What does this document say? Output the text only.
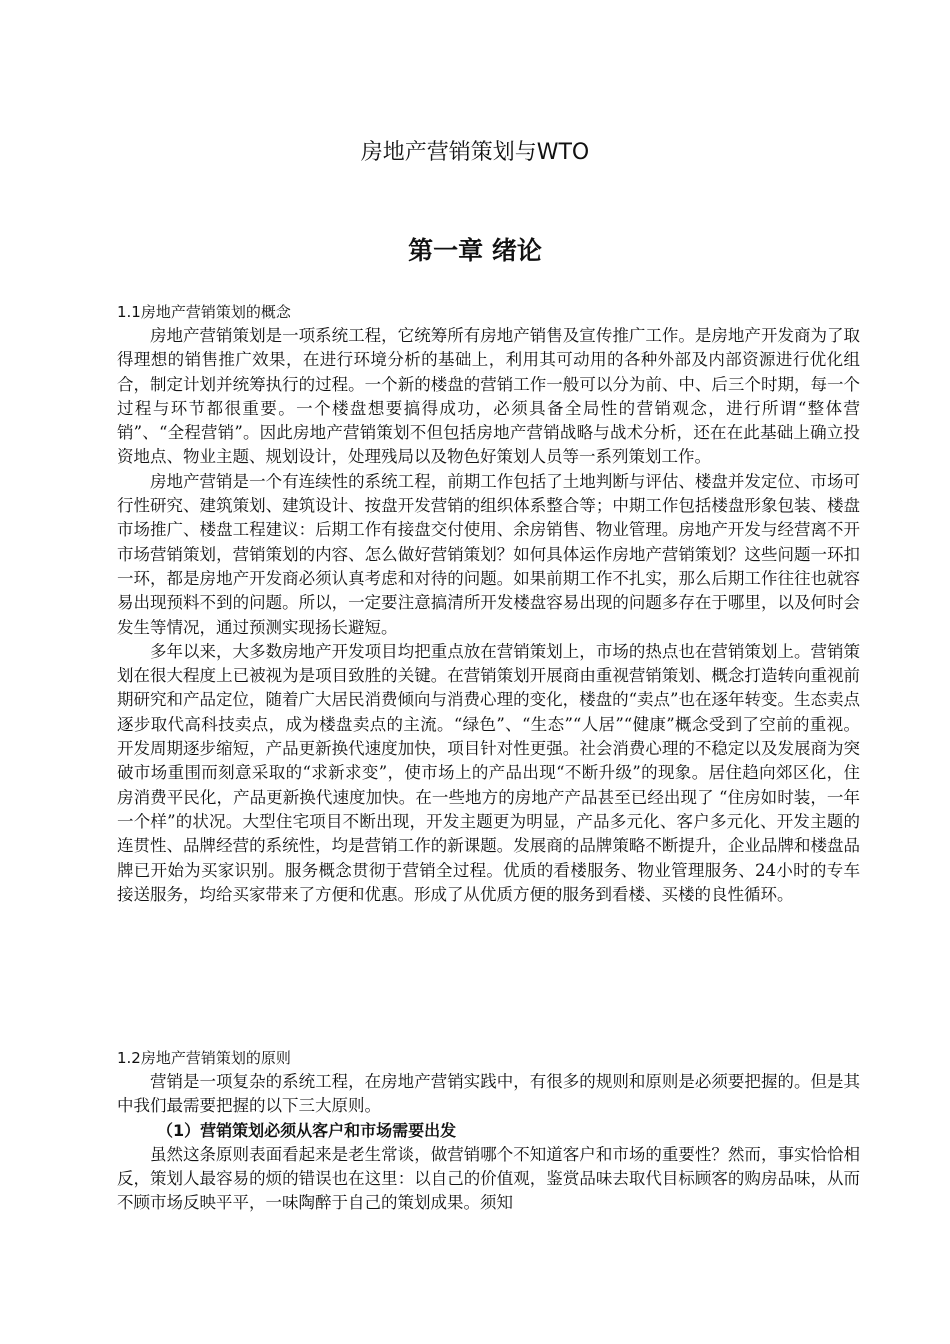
房地产营销策划与WTO
第一章 绪论

1.1房地产营销策划的概念

房地产营销策划是一项系统工程，它统筹所有房地产销售及宣传推广工作。是房地产开发商为了取得理想的销售推广效果，在进行环境分析的基础上，利用其可动用的各种外部及内部资源进行优化组合，制定计划并统筹执行的过程。一个新的楼盘的营销工作一般可以分为前、中、后三个时期，每一个过程与环节都很重要。一个楼盘想要搞得成功，必须具备全局性的营销观念，进行所谓“整体营销”、“全程营销”。因此房地产营销策划不但包括房地产营销战略与战术分析，还在在此基础上确立投资地点、物业主题、规划设计，处理残局以及物色好策划人员等一系列策划工作。

房地产营销是一个有连续性的系统工程，前期工作包括了土地判断与评估、楼盘并发定位、市场可行性研究、建筑策划、建筑设计、按盘开发营销的组织体系整合等；中期工作包括楼盘形象包装、楼盘市场推广、楼盘工程建议：后期工作有接盘交付使用、余房销售、物业管理。房地产开发与经营离不开市场营销策划，营销策划的内容、怎么做好营销策划？如何具体运作房地产营销策划？这些问题一环扣一环，都是房地产开发商必须认真考虑和对待的问题。如果前期工作不扎实，那么后期工作往往也就容易出现预料不到的问题。所以，一定要注意搞清所开发楼盘容易出现的问题多存在于哪里，以及何时会发生等情况，通过预测实现扬长避短。

多年以来，大多数房地产开发项目均把重点放在营销策划上，市场的热点也在营销策划上。营销策划在很大程度上已被视为是项目致胜的关键。在营销策划开展商由重视营销策划、概念打造转向重视前期研究和产品定位，随着广大居民消费倾向与消费心理的变化，楼盘的“卖点”也在逐年转变。生态卖点逐步取代高科技卖点，成为楼盘卖点的主流。“绿色”、“生态”“人居”“健康”概念受到了空前的重视。开发周期逐步缩短，产品更新换代速度加快，项目针对性更强。社会消费心理的不稳定以及发展商为突破市场重围而刻意采取的“求新求变”，使市场上的产品出现“不断升级”的现象。居住趋向郊区化，住房消费平民化，产品更新换代速度加快。在一些地方的房地产产品甚至已经出现了 “住房如时装，一年一个样”的状况。大型住宅项目不断出现，开发主题更为明显，产品多元化、客户多元化、开发主题的连贯性、品牌经营的系统性，均是营销工作的新课题。发展商的品牌策略不断提升，企业品牌和楼盘品牌已开始为买家识别。服务概念贯彻于营销全过程。优质的看楼服务、物业管理服务、24小时的专车接送服务，均给买家带来了方便和优惠。形成了从优质方便的服务到看楼、买楼的良性循环。

1.2房地产营销策划的原则

营销是一项复杂的系统工程，在房地产营销实践中，有很多的规则和原则是必须要把握的。但是其中我们最需要把握的以下三大原则。

（1）营销策划必须从客户和市场需要出发

虽然这条原则表面看起来是老生常谈，做营销哪个不知道客户和市场的重要性？然而，事实恰恰相反，策划人最容易的烦的错误也在这里：以自己的价值观，鉴赏品味去取代目标顾客的购房品味，从而不顾市场反映平平，一味陶醉于自己的策划成果。须知
